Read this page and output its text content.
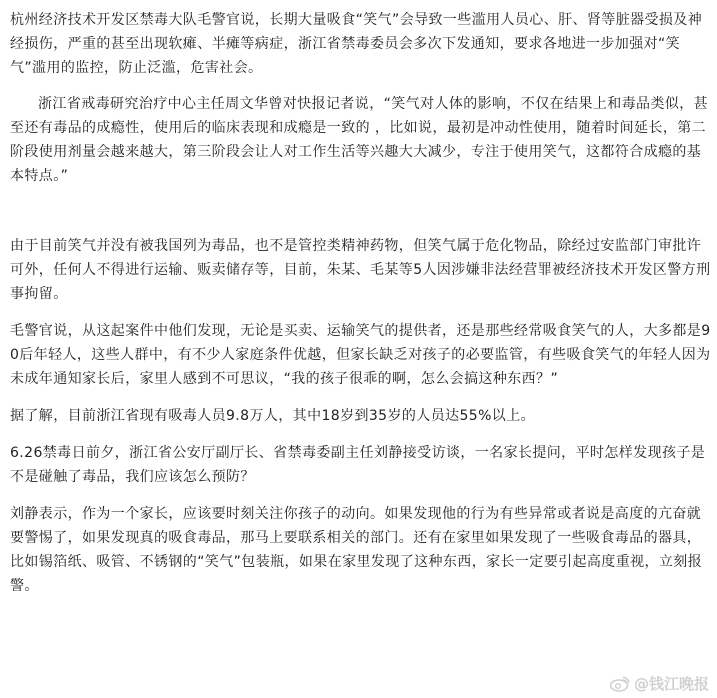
杭州经济技术开发区禁毒大队毛警官说，长期大量吸食“笑气”会导致一些滥用人员心、肝、肾等脏器受损及神经损伤，严重的甚至出现软瘫、半瘫等病症，浙江省禁毒委员会多次下发通知，要求各地进一步加强对“笑气”滥用的监控，防止泛滥，危害社会。

浙江省戒毒研究治疗中心主任周文华曾对快报记者说，“笑气对人体的影响，不仅在结果上和毒品类似，甚至还有毒品的成瘾性，使用后的临床表现和成瘾是一致的 ，比如说，最初是冲动性使用，随着时间延长，第二阶段使用剂量会越来越大，第三阶段会让人对工作生活等兴趣大大减少，专注于使用笑气，这都符合成瘾的基本特点。”

由于目前笑气并没有被我国列为毒品，也不是管控类精神药物，但笑气属于危化物品，除经过安监部门审批许可外，任何人不得进行运输、贩卖储存等，目前，朱某、毛某等5人因涉嫌非法经营罪被经济技术开发区警方刑事拘留。

毛警官说，从这起案件中他们发现，无论是买卖、运输笑气的提供者，还是那些经常吸食笑气的人，大多都是90后年轻人，这些人群中，有不少人家庭条件优越，但家长缺乏对孩子的必要监管，有些吸食笑气的年轻人因为未成年通知家长后，家里人感到不可思议，“我的孩子很乖的啊，怎么会搞这种东西？”

据了解，目前浙江省现有吸毒人员9.8万人，其中18岁到35岁的人员达55%以上。

6.26禁毒日前夕，浙江省公安厅副厅长、省禁毒委副主任刘静接受访谈，一名家长提问，平时怎样发现孩子是不是碰触了毒品，我们应该怎么预防？

刘静表示，作为一个家长，应该要时刻关注你孩子的动向。如果发现他的行为有些异常或者说是高度的亢奋就要警惕了，如果发现真的吸食毒品，那马上要联系相关的部门。还有在家里如果发现了一些吸食毒品的器具，比如锡箔纸、吸管、不锈钢的“笑气”包装瓶，如果在家里发现了这种东西，家长一定要引起高度重视，立刻报警。

@钱江晚报
